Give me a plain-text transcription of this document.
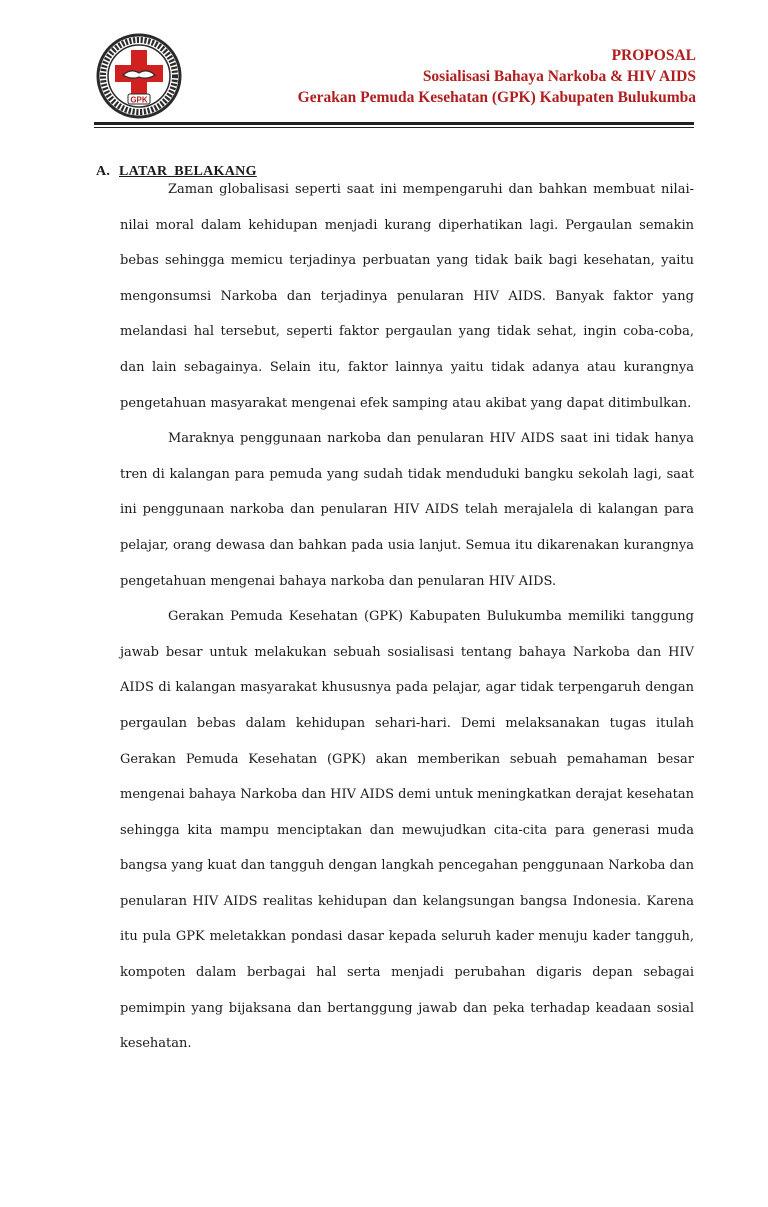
GPK
PROPOSAL
Sosialisasi Bahaya Narkoba & HIV AIDS
Gerakan Pemuda Kesehatan (GPK) Kabupaten Bulukumba
A. LATAR BELAKANG

Zaman globalisasi seperti saat ini mempengaruhi dan bahkan membuat nilai-nilai moral dalam kehidupan menjadi kurang diperhatikan lagi. Pergaulan semakin bebas sehingga memicu terjadinya perbuatan yang tidak baik bagi kesehatan, yaitu mengonsumsi Narkoba dan terjadinya penularan HIV AIDS. Banyak faktor yang melandasi hal tersebut, seperti faktor pergaulan yang tidak sehat, ingin coba-coba, dan lain sebagainya. Selain itu, faktor lainnya yaitu tidak adanya atau kurangnya pengetahuan masyarakat mengenai efek samping atau akibat yang dapat ditimbulkan.

Maraknya penggunaan narkoba dan penularan HIV AIDS saat ini tidak hanya tren di kalangan para pemuda yang sudah tidak menduduki bangku sekolah lagi, saat ini penggunaan narkoba dan penularan HIV AIDS telah merajalela di kalangan para pelajar, orang dewasa dan bahkan pada usia lanjut. Semua itu dikarenakan kurangnya pengetahuan mengenai bahaya narkoba dan penularan HIV AIDS.

Gerakan Pemuda Kesehatan (GPK) Kabupaten Bulukumba memiliki tanggung jawab besar untuk melakukan sebuah sosialisasi tentang bahaya Narkoba dan HIV AIDS di kalangan masyarakat khususnya pada pelajar, agar tidak terpengaruh dengan pergaulan bebas dalam kehidupan sehari-hari. Demi melaksanakan tugas itulah Gerakan Pemuda Kesehatan (GPK) akan memberikan sebuah pemahaman besar mengenai bahaya Narkoba dan HIV AIDS demi untuk meningkatkan derajat kesehatan sehingga kita mampu menciptakan dan mewujudkan cita-cita para generasi muda bangsa yang kuat dan tangguh dengan langkah pencegahan penggunaan Narkoba dan penularan HIV AIDS realitas kehidupan dan kelangsungan bangsa Indonesia. Karena itu pula GPK meletakkan pondasi dasar kepada seluruh kader menuju kader tangguh, kompoten dalam berbagai hal serta menjadi perubahan digaris depan sebagai pemimpin yang bijaksana dan bertanggung jawab dan peka terhadap keadaan sosial kesehatan.
